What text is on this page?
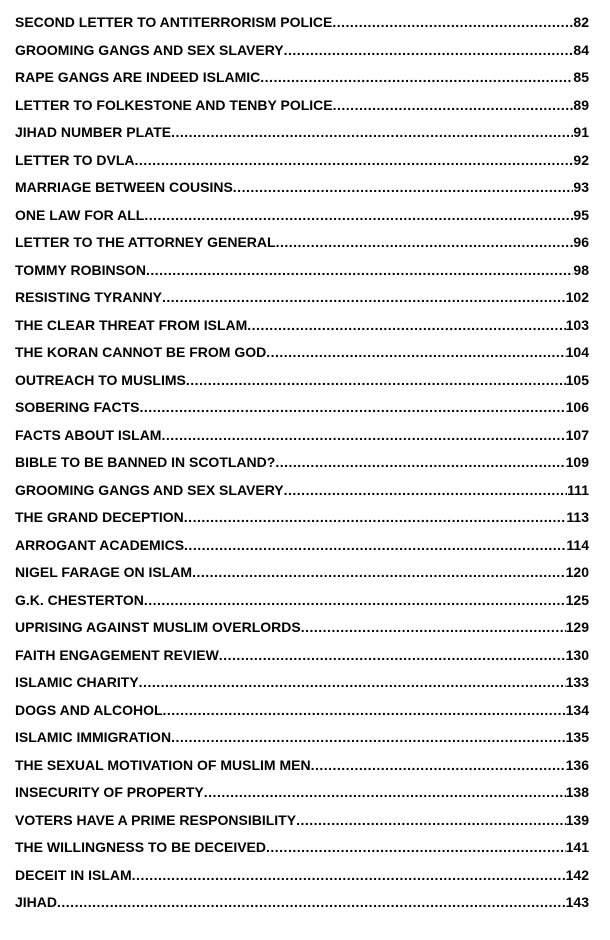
SECOND LETTER TO ANTITERRORISM POLICE .....	82
GROOMING GANGS AND SEX SLAVERY .....	84
RAPE GANGS ARE INDEED ISLAMIC .....	85
LETTER TO FOLKESTONE AND TENBY POLICE .....	89
JIHAD NUMBER PLATE .....	91
LETTER TO DVLA .....	92
MARRIAGE BETWEEN COUSINS .....	93
ONE LAW FOR ALL .....	95
LETTER TO THE ATTORNEY GENERAL .....	96
TOMMY ROBINSON .....	98
RESISTING TYRANNY .....	102
THE CLEAR THREAT FROM ISLAM .....	103
THE KORAN CANNOT BE FROM GOD .....	104
OUTREACH TO MUSLIMS .....	105
SOBERING FACTS .....	106
FACTS ABOUT ISLAM .....	107
BIBLE TO BE BANNED IN SCOTLAND? .....	109
GROOMING GANGS AND SEX SLAVERY .....	111
THE GRAND DECEPTION .....	113
ARROGANT ACADEMICS .....	114
NIGEL FARAGE ON ISLAM .....	120
G.K. CHESTERTON .....	125
UPRISING AGAINST MUSLIM OVERLORDS .....	129
FAITH ENGAGEMENT REVIEW .....	130
ISLAMIC CHARITY .....	133
DOGS AND ALCOHOL .....	134
ISLAMIC IMMIGRATION .....	135
THE SEXUAL MOTIVATION OF MUSLIM MEN .....	136
INSECURITY OF PROPERTY .....	138
VOTERS HAVE A PRIME RESPONSIBILITY .....	139
THE WILLINGNESS TO BE DECEIVED .....	141
DECEIT IN ISLAM .....	142
JIHAD .....	143
